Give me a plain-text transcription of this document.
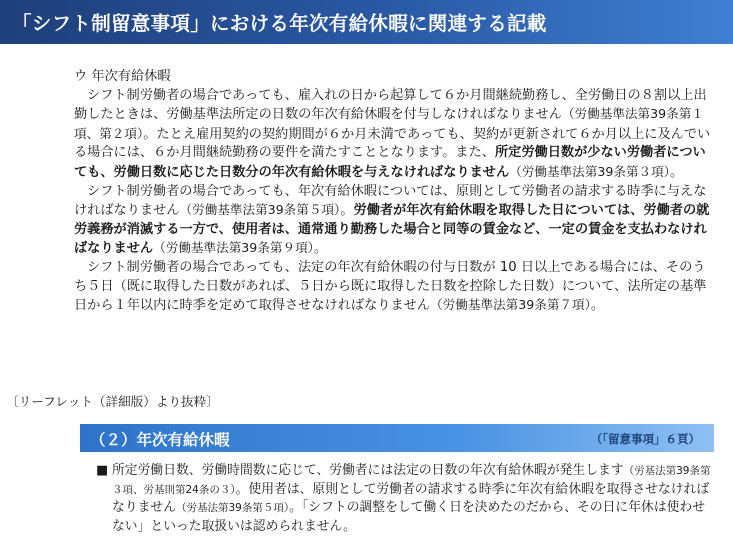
「シフト制留意事項」における年次有給休暇に関連する記載
ウ 年次有給休暇

シフト制労働者の場合であっても、雇入れの日から起算して６か月間継続勤務し、全労働日の８割以上出勤したときは、労働基準法所定の日数の年次有給休暇を付与しなければなりません（労働基準法第39条第１項、第２項）。たとえ雇用契約の契約期間が６か月未満であっても、契約が更新されて６か月以上に及んでいる場合には、６か月間継続勤務の要件を満たすこととなります。また、所定労働日数が少ない労働者についても、労働日数に応じた日数分の年次有給休暇を与えなければなりません（労働基準法第39条第３項）。

シフト制労働者の場合であっても、年次有給休暇については、原則として労働者の請求する時季に与えなければなりません（労働基準法第39条第５項）。労働者が年次有給休暇を取得した日については、労働者の就労義務が消滅する一方で、使用者は、通常通り勤務した場合と同等の賃金など、一定の賃金を支払わなければなりません（労働基準法第39条第９項）。

シフト制労働者の場合であっても、法定の年次有給休暇の付与日数が 10 日以上である場合には、そのうち５日（既に取得した日数があれば、５日から既に取得した日数を控除した日数）について、法所定の基準日から１年以内に時季を定めて取得させなければなりません（労働基準法第39条第７項）。

〔リーフレット（詳細版）より抜粋〕
（２）年次有給休暇	（「留意事項」６頁）
■ 所定労働日数、労働時間数に応じて、労働者には法定の日数の年次有給休暇が発生します（労基法第39条第３項、労基則第24条の３）。使用者は、原則として労働者の請求する時季に年次有給休暇を取得させなければなりません（労基法第39条第５項）。「シフトの調整をして働く日を決めたのだから、その日に年休は使わせない」といった取扱いは認められません。
